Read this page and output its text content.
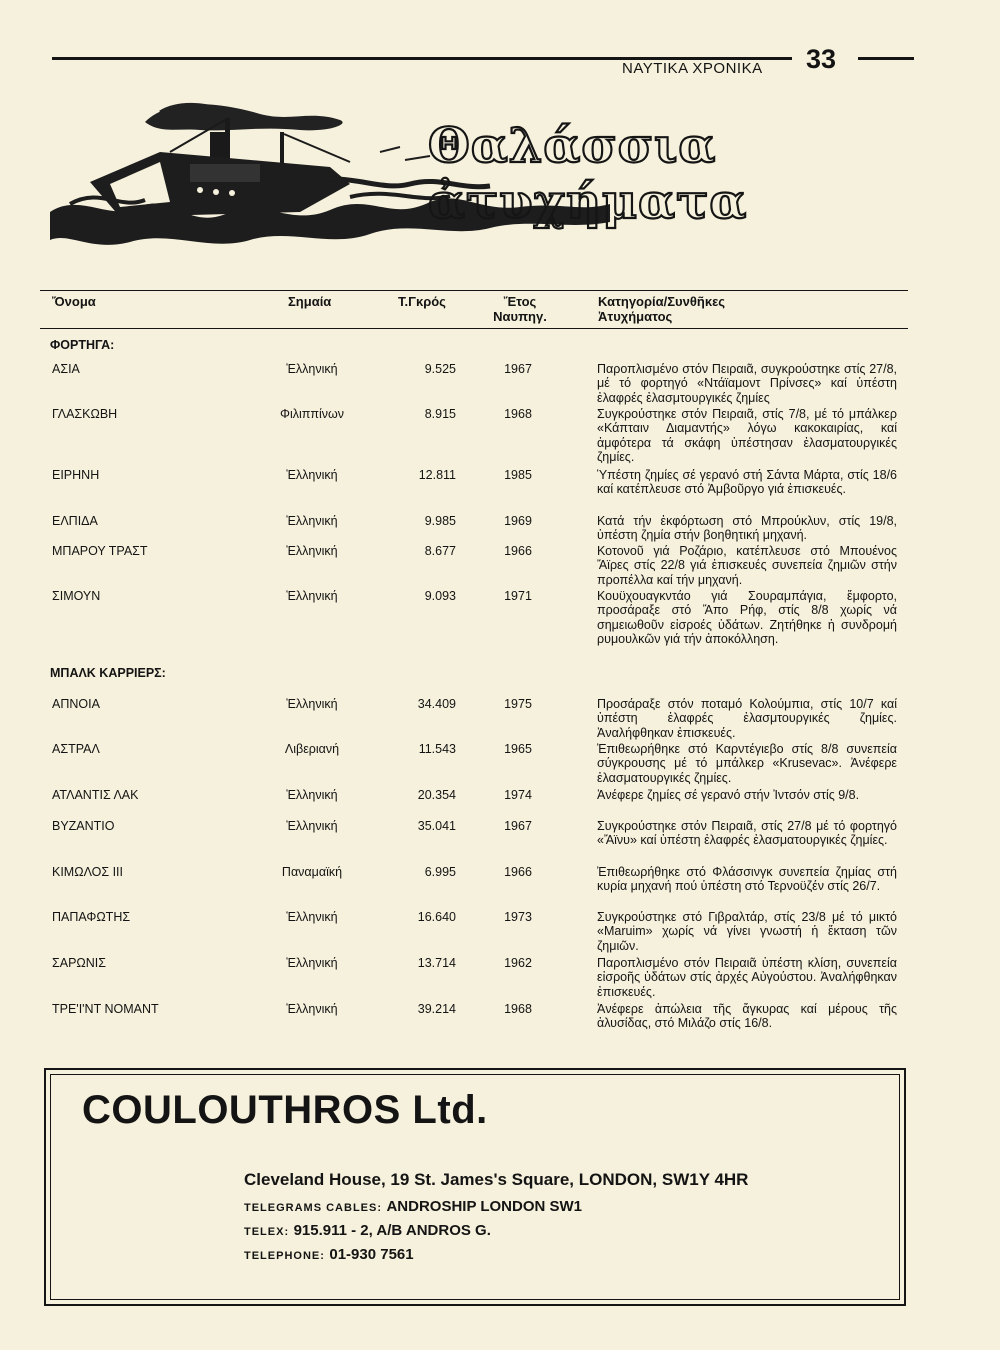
ΝΑΥΤΙΚΑ ΧΡΟΝΙΚΑ 33
Θαλάσσια ἀτυχήματα
Ὄνομα	Σημαία	Τ.Γκρός	Ἔτος
Ναυπηγ.
Κατηγορία/Συνθῆκες
Ἀτυχήματος
ΦΟΡΤΗΓΑ:
ΑΣΙΑ	Ἑλληνική	9.525	1967	Παροπλισμένο στόν Πειραιᾶ, συγκρούστηκε στίς 27/8, μέ τό φορτηγό «Ντάϊαμοντ Πρίνσες» καί ὑπέστη ἐλαφρές ἐλασμτουργικές ζημίες
ΓΛΑΣΚΩΒΗ	Φιλιππίνων	8.915	1968	Συγκρούστηκε στόν Πειραιᾶ, στίς 7/8, μέ τό μπάλκερ «Κάπταιν Διαμαντής» λόγω κακοκαιρίας, καί ἀμφότερα τά σκάφη ὑπέστησαν ἐλασματουργικές ζημίες.
ΕΙΡΗΝΗ	Ἑλληνική	12.811	1985	Ὑπέστη ζημίες σέ γερανό στή Σάντα Μάρτα, στίς 18/6 καί κατέπλευσε στό Ἀμβοῦργο γιά ἐπισκευές.
ΕΛΠΙΔΑ	Ἑλληνική	9.985	1969	Κατά τήν ἐκφόρτωση στό Μπρούκλυν, στίς 19/8, ὑπέστη ζημία στήν βοηθητική μηχανή.
ΜΠΑΡΟΥ ΤΡΑΣΤ	Ἑλληνική	8.677	1966	Κοτονοῦ γιά Ροζάριο, κατέπλευσε στό Μπουένος Ἄϊρες στίς 22/8 γιά ἐπισκευές συνεπεία ζημιῶν στήν προπέλλα καί τήν μηχανή.
ΣΙΜΟΥΝ	Ἑλληνική	9.093	1971	Κουϋχουαγκντάο γιά Σουραμπάγια, ἔμφορτο, προσάραξε στό Ἄπο Ρήφ, στίς 8/8 χωρίς νά σημειωθοῦν εἰσροές ὑδάτων. Ζητήθηκε ἡ συνδρομή ρυμουλκῶν γιά τήν ἀποκόλληση.
ΜΠΑΛΚ ΚΑΡΡΙΕΡΣ:
ΑΠΝΟΙΑ	Ἑλληνική	34.409	1975	Προσάραξε στόν ποταμό Κολούμπια, στίς 10/7 καί ὑπέστη ἐλαφρές ἐλασμτουργικές ζημίες. Ἀναλήφθηκαν ἐπισκευές.
ΑΣΤΡΑΛ	Λιβεριανή	11.543	1965	Ἐπιθεωρήθηκε στό Καρντέγιεβο στίς 8/8 συνεπεία σύγκρουσης μέ τό μπάλκερ «Krusevac». Ἀνέφερε ἐλασματουργικές ζημίες.
ΑΤΛΑΝΤΙΣ ΛΑΚ	Ἑλληνική	20.354	1974	Ἀνέφερε ζημίες σέ γερανό στήν Ἰντσόν στίς 9/8.
ΒΥΖΑΝΤΙΟ	Ἑλληνική	35.041	1967	Συγκρούστηκε στόν Πειραιᾶ, στίς 27/8 μέ τό φορτηγό «Ἄϊνυ» καί ὑπέστη ἐλαφρές ἐλασματουργικές ζημίες.
ΚΙΜΩΛΟΣ III	Παναμαϊκή	6.995	1966	Ἐπιθεωρήθηκε στό Φλάσσινγκ συνεπεία ζημίας στή κυρία μηχανή πού ὑπέστη στό Τερνοϋζέν στίς 26/7.
ΠΑΠΑΦΩΤΗΣ	Ἑλληνική	16.640	1973	Συγκρούστηκε στό Γιβραλτάρ, στίς 23/8 μέ τό μικτό «Maruim» χωρίς νά γίνει γνωστή ἡ ἔκταση τῶν ζημιῶν.
ΣΑΡΩΝΙΣ	Ἑλληνική	13.714	1962	Παροπλισμένο στόν Πειραιᾶ ὑπέστη κλίση, συνεπεία εἰσροῆς ὑδάτων στίς ἀρχές Αὐγούστου. Ἀναλήφθηκαν ἐπισκευές.
ΤΡΕ'Ι'ΝΤ ΝΟΜΑΝΤ	Ἑλληνική	39.214	1968	Ἀνέφερε ἀπώλεια τῆς ἄγκυρας καί μέρους τῆς ἁλυσίδας, στό Μιλάζο στίς 16/8.
COULOUTHROS Ltd.
Cleveland House, 19 St. James's Square, LONDON, SW1Y 4HR
TELEGRAMS CABLES: ANDROSHIP LONDON SW1
TELEX: 915.911 - 2, A/B ANDROS G.
TELEPHONE: 01-930 7561
